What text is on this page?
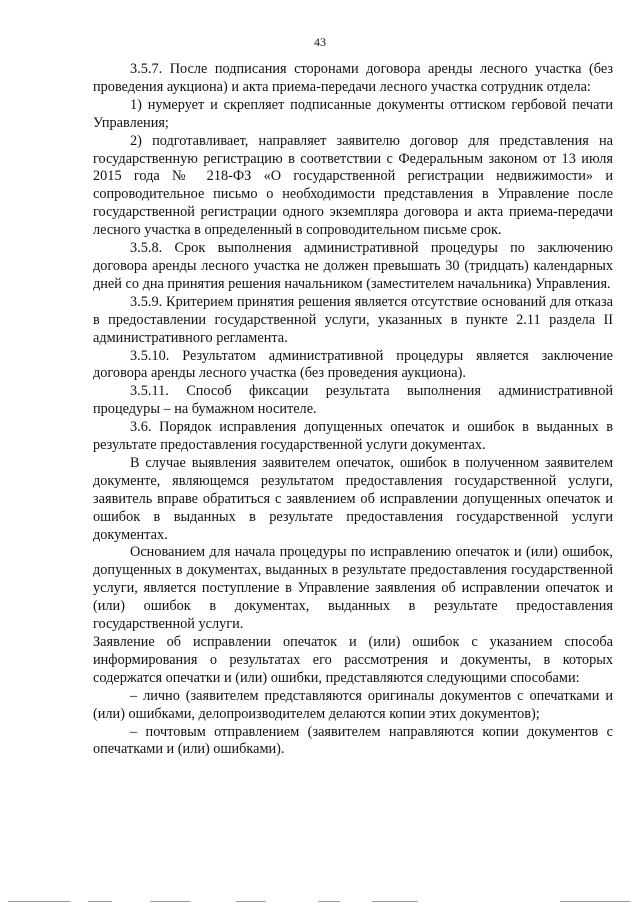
43

3.5.7. После подписания сторонами договора аренды лесного участка (без проведения аукциона) и акта приема-передачи лесного участка сотрудник отдела:

1) нумерует и скрепляет подписанные документы оттиском гербовой печати Управления;

2) подготавливает, направляет заявителю договор для представления на государственную регистрацию в соответствии с Федеральным законом от 13 июля 2015 года № 218-ФЗ «О государственной регистрации недвижимости» и сопроводительное письмо о необходимости представления в Управление после государственной регистрации одного экземпляра договора и акта приема-передачи лесного участка в определенный в сопроводительном письме срок.

3.5.8. Срок выполнения административной процедуры по заключению договора аренды лесного участка не должен превышать 30 (тридцать) календарных дней со дна принятия решения начальником (заместителем начальника) Управления.

3.5.9. Критерием принятия решения является отсутствие оснований для отказа в предоставлении государственной услуги, указанных в пункте 2.11 раздела II административного регламента.

3.5.10. Результатом административной процедуры является заключение договора аренды лесного участка (без проведения аукциона).

3.5.11. Способ фиксации результата выполнения административной процедуры – на бумажном носителе.

3.6. Порядок исправления допущенных опечаток и ошибок в выданных в результате предоставления государственной услуги документах.

В случае выявления заявителем опечаток, ошибок в полученном заявителем документе, являющемся результатом предоставления государственной услуги, заявитель вправе обратиться с заявлением об исправлении допущенных опечаток и ошибок в выданных в результате предоставления государственной услуги документах.

Основанием для начала процедуры по исправлению опечаток и (или) ошибок, допущенных в документах, выданных в результате предоставления государственной услуги, является поступление в Управление заявления об исправлении опечаток и (или) ошибок в документах, выданных в результате предоставления государственной услуги.

Заявление об исправлении опечаток и (или) ошибок с указанием способа информирования о результатах его рассмотрения и документы, в которых содержатся опечатки и (или) ошибки, представляются следующими способами:

– лично (заявителем представляются оригиналы документов с опечатками и (или) ошибками, делопроизводителем делаются копии этих документов);

– почтовым отправлением (заявителем направляются копии документов с опечатками и (или) ошибками).
